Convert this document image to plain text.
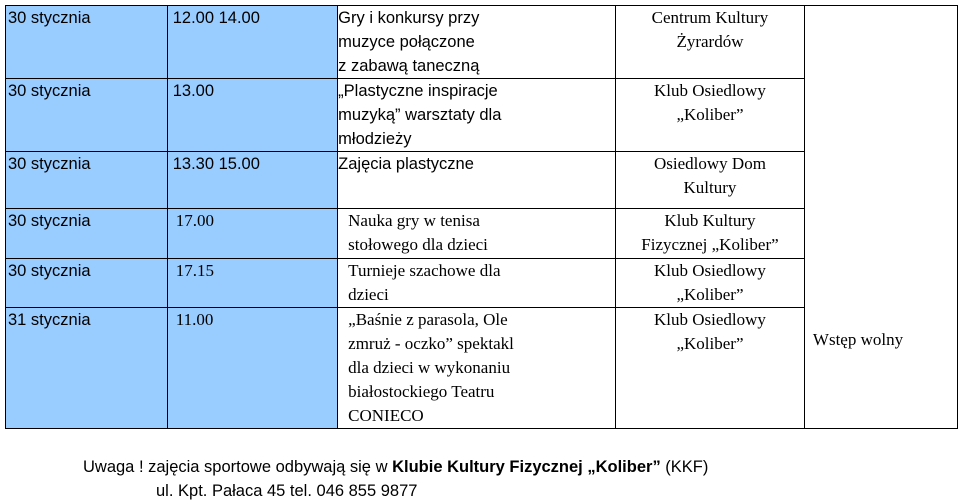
30 stycznia	12.00 14.00	Gry i konkursy przy
muzyce połączone
z zabawą taneczną	Centrum Kultury
Żyrardów	Wstęp wolny

30 stycznia	13.00	„Plastyczne inspiracje
muzyką” warsztaty dla
młodzieży	Klub Osiedlowy
„Koliber”	

30 stycznia	13.30 15.00	Zajęcia plastyczne	Osiedlowy Dom
Kultury	

30 stycznia	17.00	Nauka gry w tenisa
stołowego dla dzieci	Klub Kultury
Fizycznej „Koliber”	

30 stycznia	17.15	Turnieje szachowe dla
dzieci	Klub Osiedlowy
„Koliber”	

31 stycznia	11.00	„Baśnie z parasola, Ole
zmruż - oczko” spektakl
dla dzieci w wykonaniu
białostockiego Teatru
CONIECO	Klub Osiedlowy
„Koliber”	
Uwaga ! zajęcia sportowe odbywają się w Klubie Kultury Fizycznej „Koliber” (KKF)
ul. Kpt. Pałaca 45 tel. 046 855 9877
